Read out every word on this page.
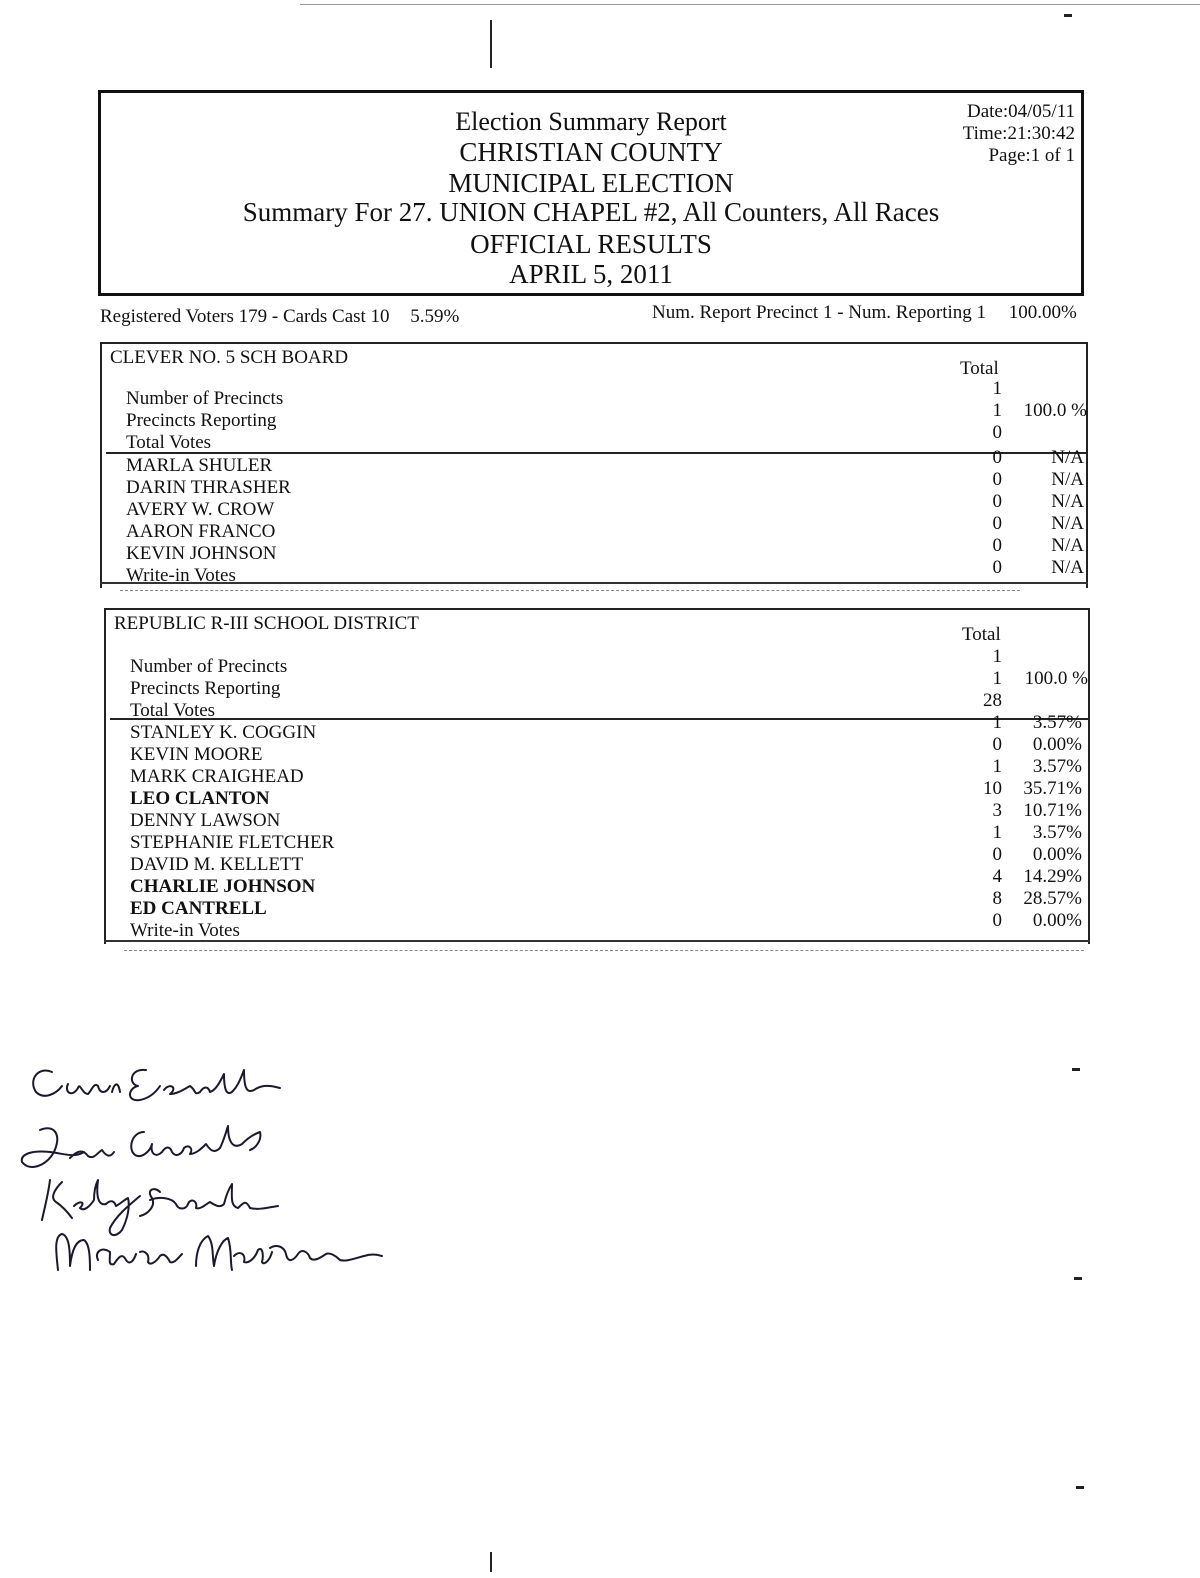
Election Summary Report
CHRISTIAN COUNTY
MUNICIPAL ELECTION
Summary For 27. UNION CHAPEL #2, All Counters, All Races
OFFICIAL RESULTS
APRIL 5, 2011
Date:04/05/11
Time:21:30:42
Page:1 of 1
Registered Voters 179 - Cards Cast 10 5.59%	Num. Report Precinct 1 - Num. Reporting 1 100.00%
CLEVER NO. 5 SCH BOARD
Total
Number of Precincts	1
Precincts Reporting	1	100.0 %
Total Votes	0
MARLA SHULER	0	N/A
DARIN THRASHER	0	N/A
AVERY W. CROW	0	N/A
AARON FRANCO	0	N/A
KEVIN JOHNSON	0	N/A
Write-in Votes	0	N/A
REPUBLIC R-III SCHOOL DISTRICT
Total
Number of Precincts	1
Precincts Reporting	1	100.0 %
Total Votes	28
STANLEY K. COGGIN	1	3.57%
KEVIN MOORE	0	0.00%
MARK CRAIGHEAD	1	3.57%
LEO CLANTON	10	35.71%
DENNY LAWSON	3	10.71%
STEPHANIE FLETCHER	1	3.57%
DAVID M. KELLETT	0	0.00%
CHARLIE JOHNSON	4	14.29%
ED CANTRELL	8	28.57%
Write-in Votes	0	0.00%
